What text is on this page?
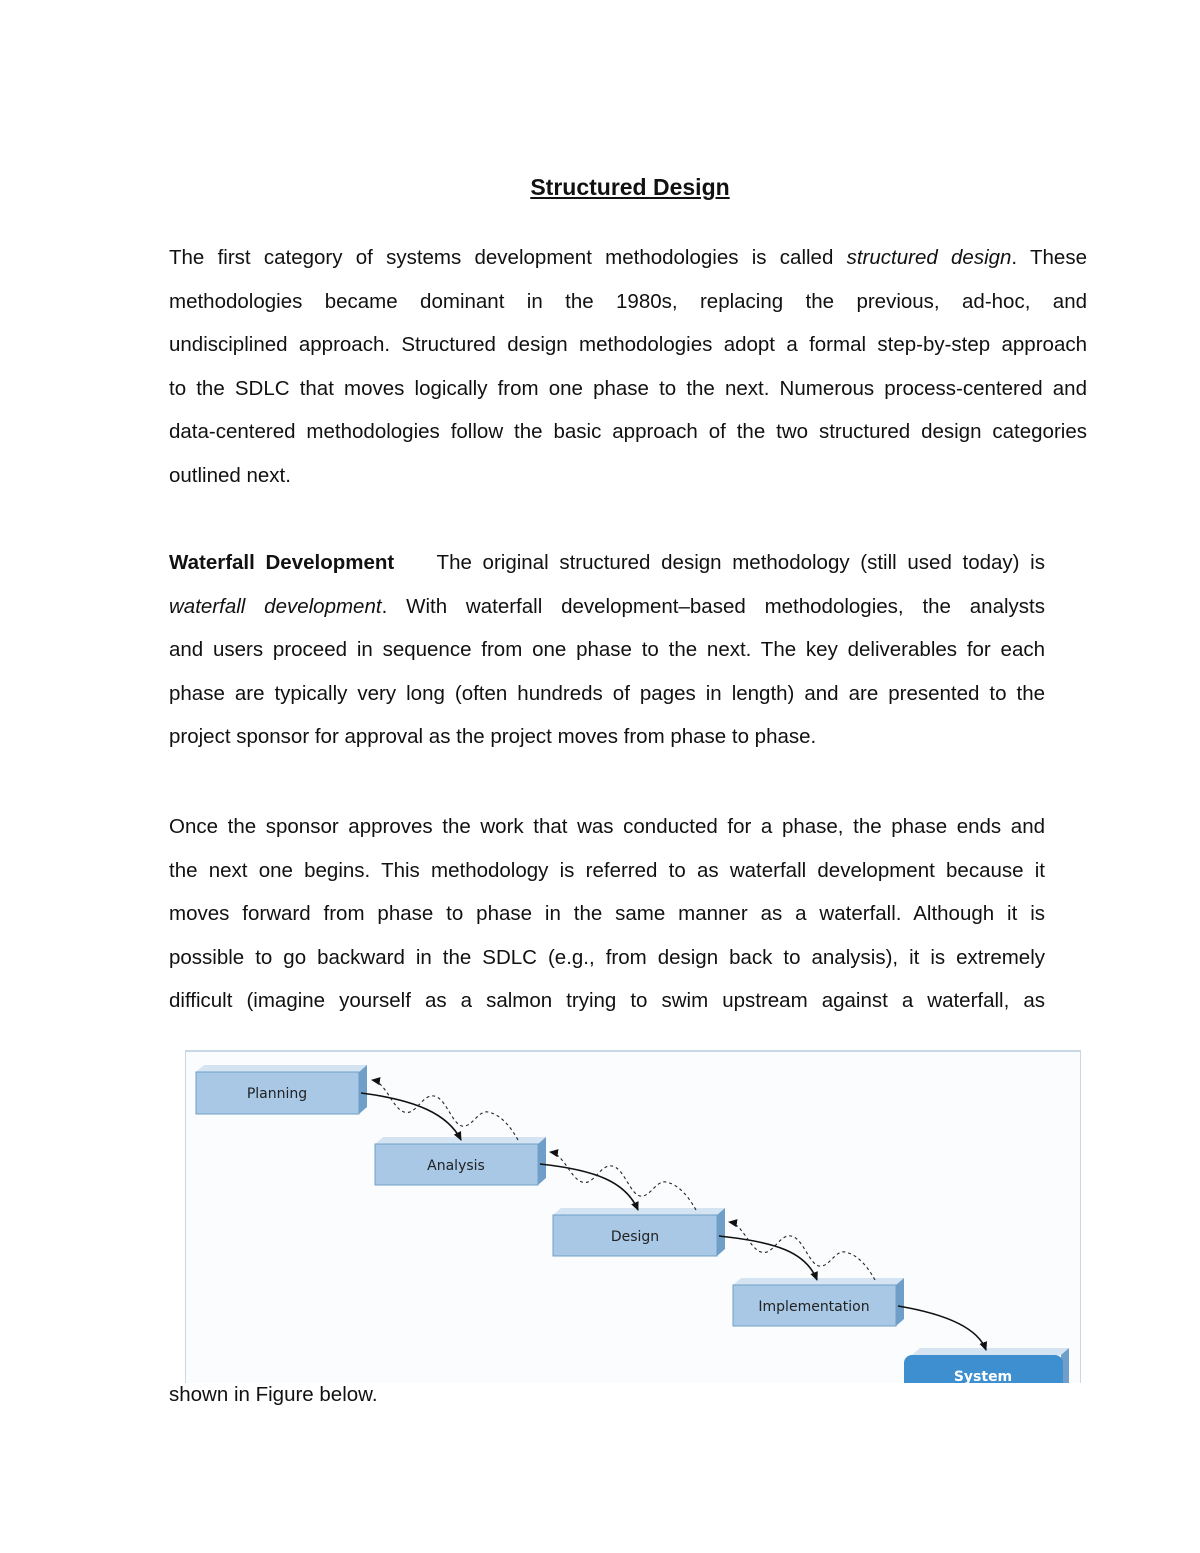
Structured Design
The first category of systems development methodologies is called structured design. These
methodologies became dominant in the 1980s, replacing the previous, ad-hoc, and
undisciplined approach. Structured design methodologies adopt a formal step-by-step approach
to the SDLC that moves logically from one phase to the next. Numerous process-centered and
data-centered methodologies follow the basic approach of the two structured design categories
outlined next.
Waterfall Development The original structured design methodology (still used today) is
waterfall development. With waterfall development–based methodologies, the analysts
and users proceed in sequence from one phase to the next. The key deliverables for each
phase are typically very long (often hundreds of pages in length) and are presented to the
project sponsor for approval as the project moves from phase to phase.
Once the sponsor approves the work that was conducted for a phase, the phase ends and
the next one begins. This methodology is referred to as waterfall development because it
moves forward from phase to phase in the same manner as a waterfall. Although it is
possible to go backward in the SDLC (e.g., from design back to analysis), it is extremely
difficult (imagine yourself as a salmon trying to swim upstream against a waterfall, as
Planning
Analysis
Design
Implementation
System

shown in Figure below.
